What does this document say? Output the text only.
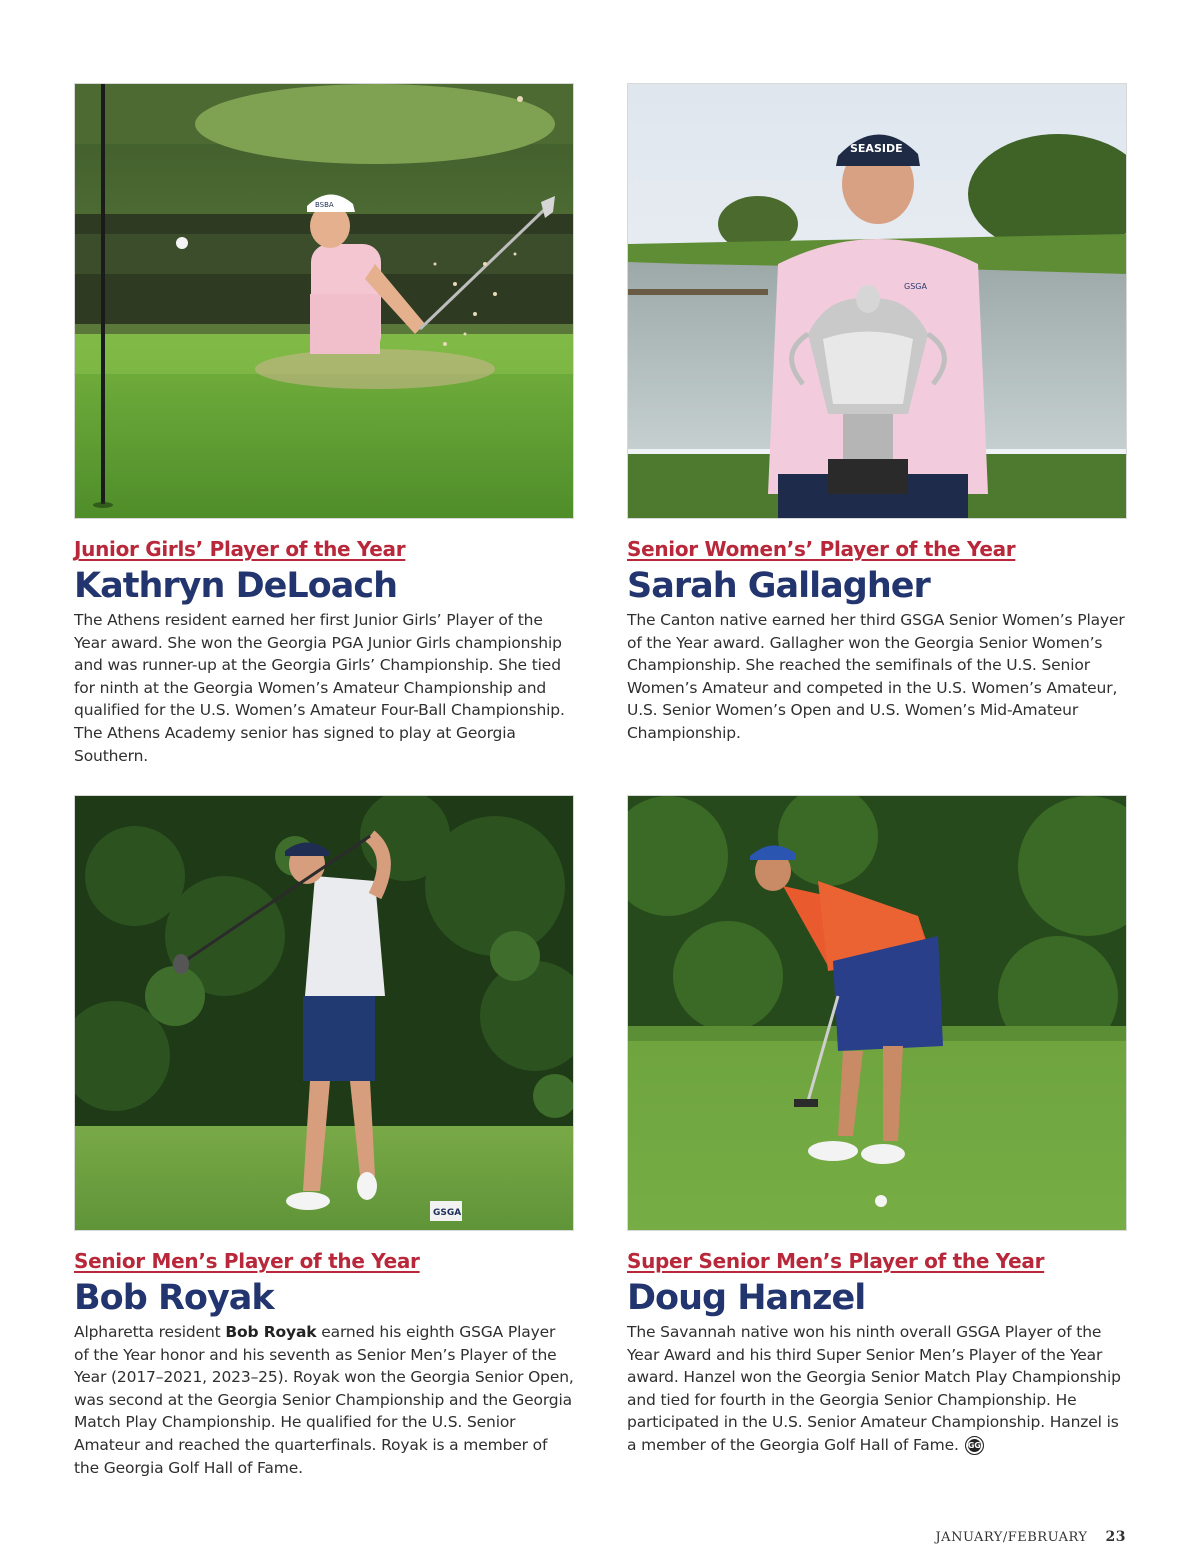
BSBA
Junior Girls’ Player of the Year
Kathryn DeLoach
The Athens resident earned her first Junior Girls’ Player of the Year award. She won the Georgia PGA Junior Girls championship and was runner-up at the Georgia Girls’ Championship. She tied for ninth at the Georgia Women’s Amateur Championship and qualified for the U.S. Women’s Amateur Four-Ball Championship. The Athens Academy senior has signed to play at Georgia Southern.
SEASIDE
GSGA
Senior Women’s’ Player of the Year
Sarah Gallagher
The Canton native earned her third GSGA Senior Women’s Player of the Year award. Gallagher won the Georgia Senior Women’s Championship. She reached the semifinals of the U.S. Senior Women’s Amateur and competed in the U.S. Women’s Amateur, U.S. Senior Women’s Open and U.S. Women’s Mid-Amateur Championship.
GSGA
Senior Men’s Player of the Year
Bob Royak
Alpharetta resident Bob Royak earned his eighth GSGA Player of the Year honor and his seventh as Senior Men’s Player of the Year (2017–2021, 2023–25). Royak won the Georgia Senior Open, was second at the Georgia Senior Championship and the Georgia Match Play Championship. He qualified for the U.S. Senior Amateur and reached the quarterfinals. Royak is a member of the Georgia Golf Hall of Fame.
Super Senior Men’s Player of the Year
Doug Hanzel
The Savannah native won his ninth overall GSGA Player of the Year Award and his third Super Senior Men’s Player of the Year award. Hanzel won the Georgia Senior Match Play Championship and tied for fourth in the Georgia Senior Championship. He participated in the U.S. Senior Amateur Championship. Hanzel is a member of the Georgia Golf Hall of Fame. GG
JANUARY/FEBRUARY 23
